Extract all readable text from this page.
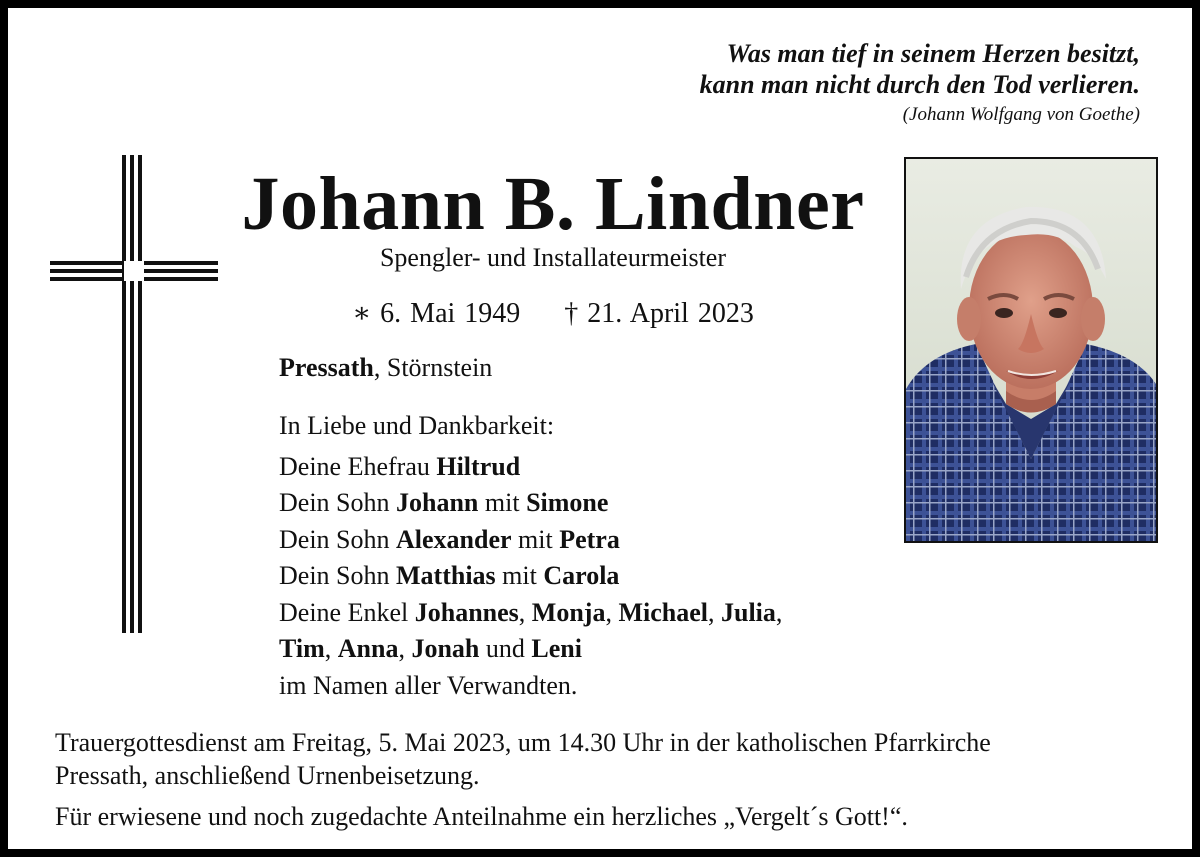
Was man tief in seinem Herzen besitzt,
kann man nicht durch den Tod verlieren.
(Johann Wolfgang von Goethe)
Johann B. Lindner
Spengler- und Installateurmeister
∗ 6. Mai 1949 † 21. April 2023
Pressath, Störnstein
In Liebe und Dankbarkeit:
Deine Ehefrau Hiltrud
Dein Sohn Johann mit Simone
Dein Sohn Alexander mit Petra
Dein Sohn Matthias mit Carola
Deine Enkel Johannes, Monja, Michael, Julia,
Tim, Anna, Jonah und Leni
im Namen aller Verwandten.
Trauergottesdienst am Freitag, 5. Mai 2023, um 14.30 Uhr in der katholischen Pfarrkirche
Pressath, anschließend Urnenbeisetzung.
Für erwiesene und noch zugedachte Anteilnahme ein herzliches „Vergelt´s Gott!“.
